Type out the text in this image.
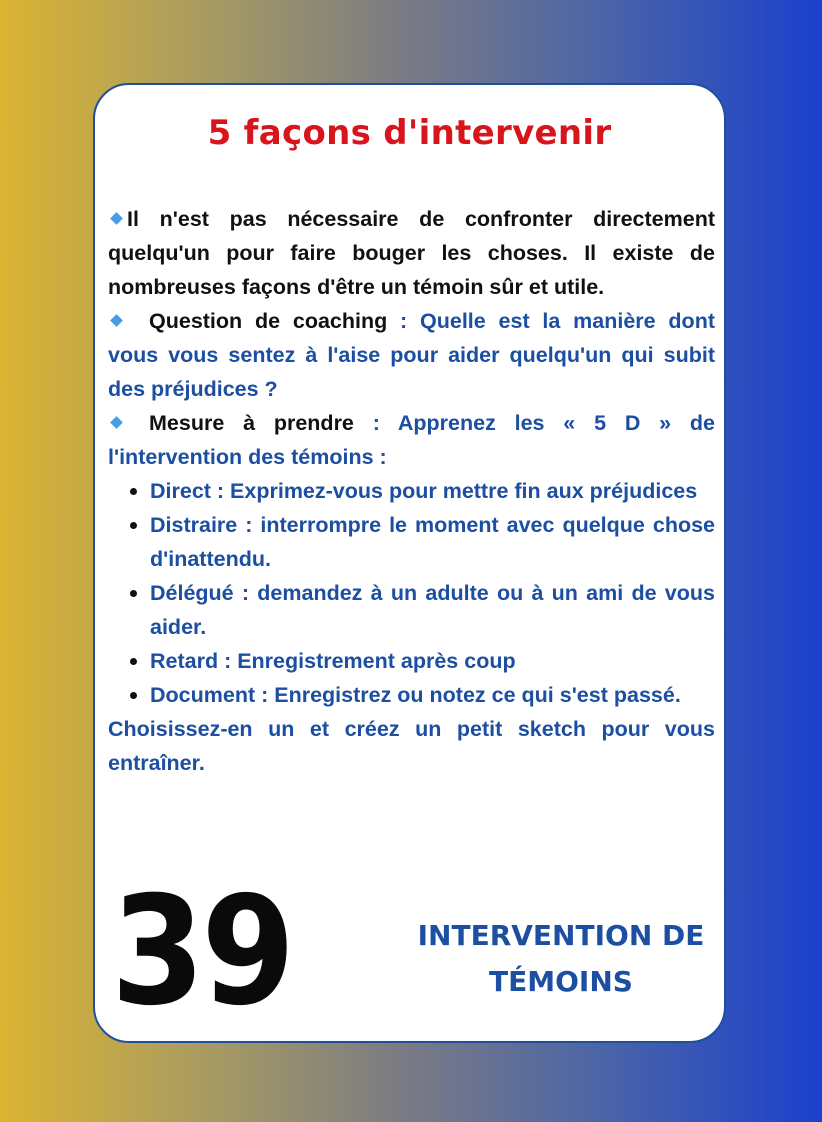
5 façons d'intervenir

Il n'est pas nécessaire de confronter directement quelqu'un pour faire bouger les choses. Il existe de nombreuses façons d'être un témoin sûr et utile.

Question de coaching : Quelle est la manière dont vous vous sentez à l'aise pour aider quelqu'un qui subit des préjudices ?

Mesure à prendre : Apprenez les « 5 D » de l'intervention des témoins :

Direct : Exprimez-vous pour mettre fin aux préjudices
Distraire : interrompre le moment avec quelque chose d'inattendu.
Délégué : demandez à un adulte ou à un ami de vous aider.
Retard : Enregistrement après coup
Document : Enregistrez ou notez ce qui s'est passé.

Choisissez-en un et créez un petit sketch pour vous entraîner.

39	INTERVENTION DE
TÉMOINS
